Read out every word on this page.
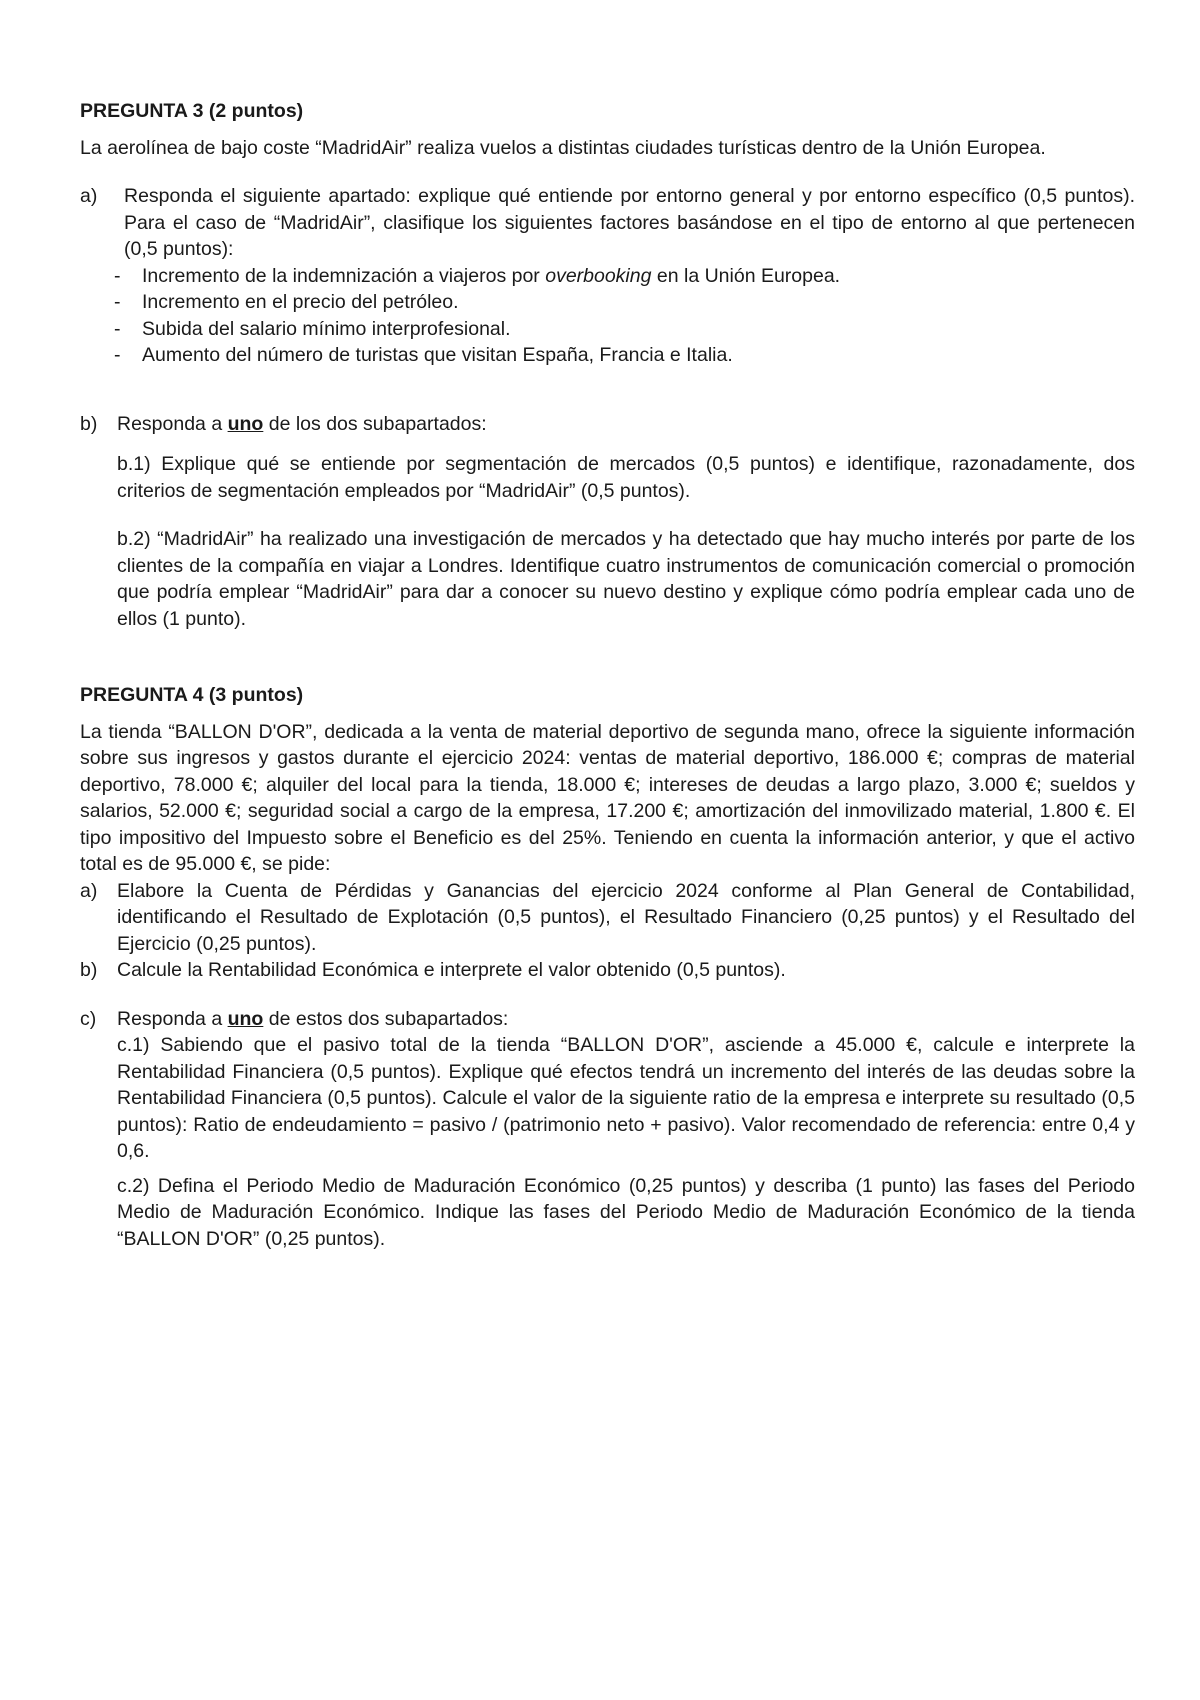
PREGUNTA 3 (2 puntos)

La aerolínea de bajo coste “MadridAir” realiza vuelos a distintas ciudades turísticas dentro de la Unión Europea.

a)	Responda el siguiente apartado: explique qué entiende por entorno general y por entorno específico (0,5 puntos). Para el caso de “MadridAir”, clasifique los siguientes factores basándose en el tipo de entorno al que pertenecen (0,5 puntos):

-	Incremento de la indemnización a viajeros por overbooking en la Unión Europea.
-	Incremento en el precio del petróleo.
-	Subida del salario mínimo interprofesional.
-	Aumento del número de turistas que visitan España, Francia e Italia.
b)	Responda a uno de los dos subapartados:

b.1) Explique qué se entiende por segmentación de mercados (0,5 puntos) e identifique, razonadamente, dos criterios de segmentación empleados por “MadridAir” (0,5 puntos).

b.2) “MadridAir” ha realizado una investigación de mercados y ha detectado que hay mucho interés por parte de los clientes de la compañía en viajar a Londres. Identifique cuatro instrumentos de comunicación comercial o promoción que podría emplear “MadridAir” para dar a conocer su nuevo destino y explique cómo podría emplear cada uno de ellos (1 punto).

PREGUNTA 4 (3 puntos)

La tienda “BALLON D'OR”, dedicada a la venta de material deportivo de segunda mano, ofrece la siguiente información sobre sus ingresos y gastos durante el ejercicio 2024: ventas de material deportivo, 186.000 €; compras de material deportivo, 78.000 €; alquiler del local para la tienda, 18.000 €; intereses de deudas a largo plazo, 3.000 €; sueldos y salarios, 52.000 €; seguridad social a cargo de la empresa, 17.200 €; amortización del inmovilizado material, 1.800 €. El tipo impositivo del Impuesto sobre el Beneficio es del 25%. Teniendo en cuenta la información anterior, y que el activo total es de 95.000 €, se pide:

a)	Elabore la Cuenta de Pérdidas y Ganancias del ejercicio 2024 conforme al Plan General de Contabilidad, identificando el Resultado de Explotación (0,5 puntos), el Resultado Financiero (0,25 puntos) y el Resultado del Ejercicio (0,25 puntos).

b)	Calcule la Rentabilidad Económica e interprete el valor obtenido (0,5 puntos).

c)	Responda a uno de estos dos subapartados:

c.1) Sabiendo que el pasivo total de la tienda “BALLON D'OR”, asciende a 45.000 €, calcule e interprete la Rentabilidad Financiera (0,5 puntos). Explique qué efectos tendrá un incremento del interés de las deudas sobre la Rentabilidad Financiera (0,5 puntos). Calcule el valor de la siguiente ratio de la empresa e interprete su resultado (0,5 puntos): Ratio de endeudamiento = pasivo / (patrimonio neto + pasivo). Valor recomendado de referencia: entre 0,4 y 0,6.

c.2) Defina el Periodo Medio de Maduración Económico (0,25 puntos) y describa (1 punto) las fases del Periodo Medio de Maduración Económico. Indique las fases del Periodo Medio de Maduración Económico de la tienda “BALLON D'OR” (0,25 puntos).
